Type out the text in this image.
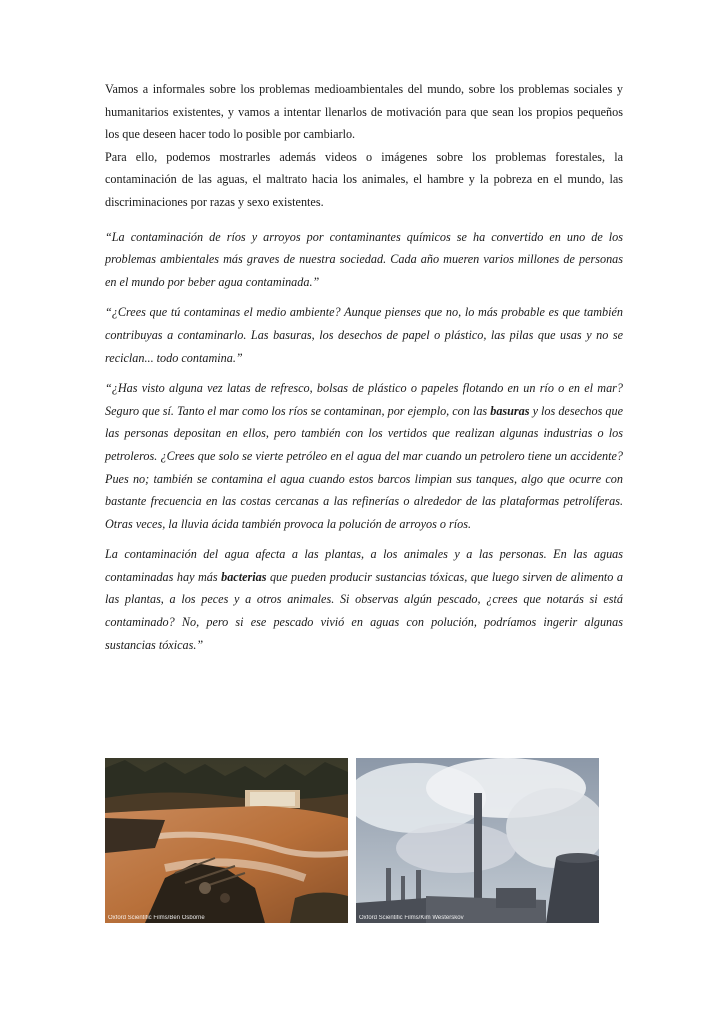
Vamos a informales sobre los problemas medioambientales del mundo, sobre los problemas sociales y humanitarios existentes, y vamos a intentar llenarlos de motivación para que sean los propios pequeños los que deseen hacer todo lo posible por cambiarlo.

Para ello, podemos mostrarles además videos o imágenes sobre los problemas forestales, la contaminación de las aguas, el maltrato hacia los animales, el hambre y la pobreza en el mundo, las discriminaciones por razas y sexo existentes.

“La contaminación de ríos y arroyos por contaminantes químicos se ha convertido en uno de los problemas ambientales más graves de nuestra sociedad. Cada año mueren varios millones de personas en el mundo por beber agua contaminada.”

“¿Crees que tú contaminas el medio ambiente? Aunque pienses que no, lo más probable es que también contribuyas a contaminarlo. Las basuras, los desechos de papel o plástico, las pilas que usas y no se reciclan... todo contamina.”

“¿Has visto alguna vez latas de refresco, bolsas de plástico o papeles flotando en un río o en el mar? Seguro que sí. Tanto el mar como los ríos se contaminan, por ejemplo, con las basuras y los desechos que las personas depositan en ellos, pero también con los vertidos que realizan algunas industrias o los petroleros. ¿Crees que solo se vierte petróleo en el agua del mar cuando un petrolero tiene un accidente? Pues no; también se contamina el agua cuando estos barcos limpian sus tanques, algo que ocurre con bastante frecuencia en las costas cercanas a las refinerías o alrededor de las plataformas petrolíferas. Otras veces, la lluvia ácida también provoca la polución de arroyos o ríos.

La contaminación del agua afecta a las plantas, a los animales y a las personas. En las aguas contaminadas hay más bacterias que pueden producir sustancias tóxicas, que luego sirven de alimento a las plantas, a los peces y a otros animales. Si observas algún pescado, ¿crees que notarás si está contaminado? No, pero si ese pescado vivió en aguas con polución, podríamos ingerir algunas sustancias tóxicas.”

Oxford Scientific Films/Ben Osborne	Oxford Scientific Films/Kim Westerskov
